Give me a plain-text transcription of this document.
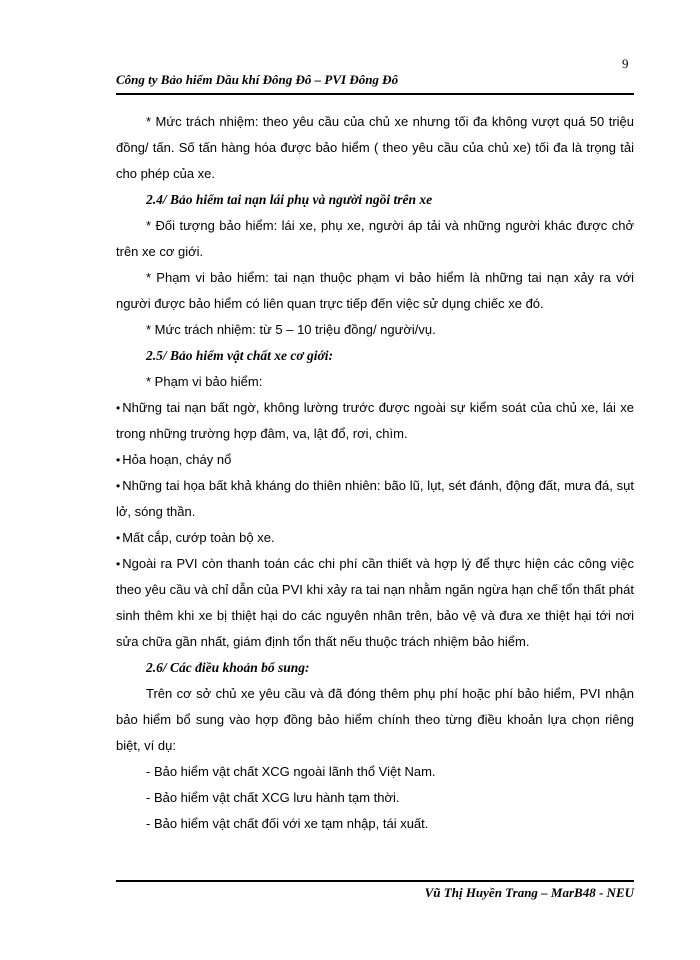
9
Công ty Bảo hiểm Dầu khí Đông Đô – PVI Đông Đô

* Mức trách nhiệm: theo yêu cầu của chủ xe nhưng tối đa không vượt quá 50 triệu đồng/ tấn. Số tấn hàng hóa được bảo hiểm ( theo yêu cầu của chủ xe) tối đa là trọng tải cho phép của xe.

2.4/ Bảo hiểm tai nạn lái phụ và người ngồi trên xe

* Đối tượng bảo hiểm: lái xe, phụ xe, người áp tải và những người khác được chở trên xe cơ giới.

* Phạm vi bảo hiểm: tai nạn thuộc phạm vi bảo hiểm là những tai nạn xảy ra với người được bảo hiểm có liên quan trực tiếp đến việc sử dụng chiếc xe đó.

* Mức trách nhiệm: từ 5 – 10 triệu đồng/ người/vụ.

2.5/ Bảo hiểm vật chất xe cơ giới:

* Phạm vi bảo hiểm:

• Những tai nạn bất ngờ, không lường trước được ngoài sự kiểm soát của chủ xe, lái xe trong những trường hợp đâm, va, lật đổ, rơi, chìm.

• Hỏa hoạn, cháy nổ

• Những tai họa bất khả kháng do thiên nhiên: bão lũ, lụt, sét đánh, động đất, mưa đá, sụt lở, sóng thần.

• Mất cắp, cướp toàn bộ xe.

• Ngoài ra PVI còn thanh toán các chi phí cần thiết và hợp lý để thực hiện các công việc theo yêu cầu và chỉ dẫn của PVI khi xảy ra tai nạn nhằm ngăn ngừa hạn chế tổn thất phát sinh thêm khi xe bị thiệt hại do các nguyên nhân trên, bảo vệ và đưa xe thiệt hại tới nơi sửa chữa gần nhất, giám định tổn thất nếu thuộc trách nhiệm bảo hiểm.

2.6/ Các điều khoản bổ sung:

Trên cơ sở chủ xe yêu cầu và đã đóng thêm phụ phí hoặc phí bảo hiểm, PVI nhận bảo hiểm bổ sung vào hợp đồng bảo hiểm chính theo từng điều khoản lựa chọn riêng biệt, ví dụ:

- Bảo hiểm vật chất XCG ngoài lãnh thổ Việt Nam.

- Bảo hiểm vật chất XCG lưu hành tạm thời.

- Bảo hiểm vật chất đối với xe tạm nhập, tái xuất.

Vũ Thị Huyền Trang – MarB48 - NEU
